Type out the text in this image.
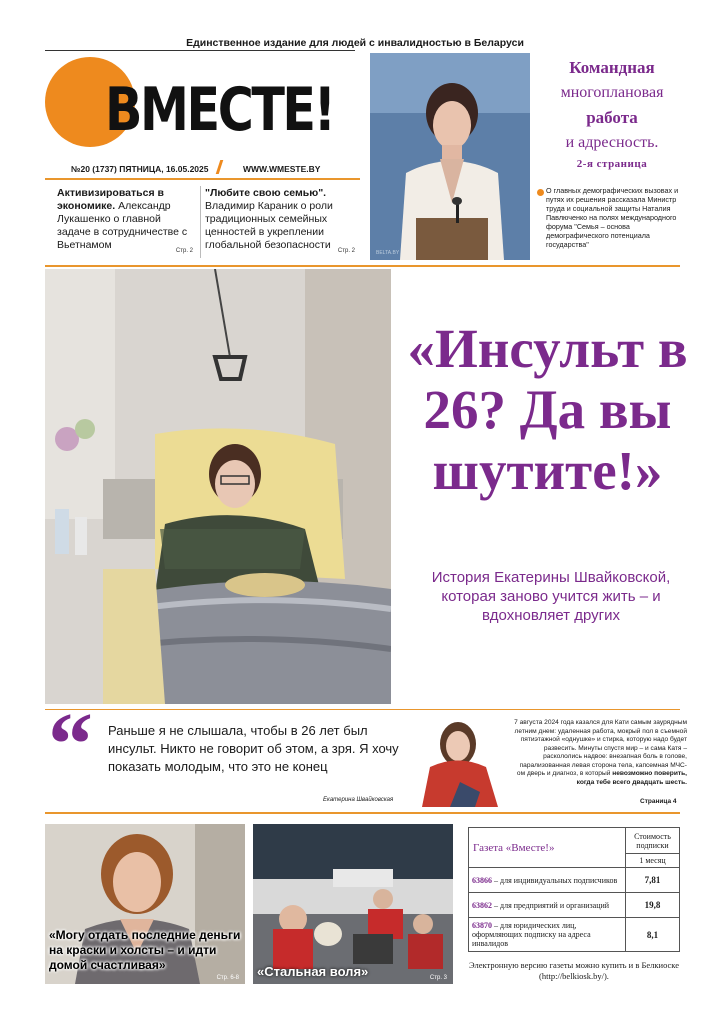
Единственное издание для людей с инвалидностью в Беларуси
ВМЕСТЕ!
№20 (1737) ПЯТНИЦА, 16.05.2025	WWW.WMESTE.BY
Активизироваться в экономике. Александр Лукашенко о главной задаче в сотрудничестве с Вьетнамом	Стр. 2
"Любите свою семью". Владимир Караник о роли традиционных семейных ценностей в укреплении глобальной безопасности	Стр. 2	BELTA.BY
Командная
многоплановая
работа
и адресность.
2-я страница
О главных демографических вызовах и путях их решения рассказала Министр труда и социальной защиты Наталия Павлюченко на полях международного форума "Семья – основа демографического потенциала государства"
«Инсульт в 26? Да вы шутите!»
История Екатерины Швайковской, которая заново учится жить – и вдохновляет других
“ Раньше я не слышала, чтобы в 26 лет был инсульт. Никто не говорит об этом, а зря. Я хочу показать молодым, что это не конец
Екатерина Швайковская
7 августа 2024 года казался для Кати самым заурядным летним днем: удаленная работа, мокрый пол в съемной пятиэтажной «однушке» и стирка, которую надо будет развесить. Минуты спустя мир – и сама Катя – раскололись надвое: внезапная боль в голове, парализованная левая сторона тела, капсемная МЧС-ом дверь и диагноз, в который невозможно поверить, когда тебе всего двадцать шесть.
Страница 4
«Могу отдать последние деньги на краски и холсты – и идти домой счастливая»
Стр. 6-8 «Стальная воля»	Стр. 3
Газета «Вместе!»	Стоимость подписки
	1 месяц
63866 – для индивидуальных подписчиков	7,81
63862 – для предприятий и организаций	19,8
63870 – для юридических лиц, оформляющих подписку на адреса инвалидов	8,1
Электронную версию газеты можно купить и в Белкиоске (http://belkiosk.by/).
